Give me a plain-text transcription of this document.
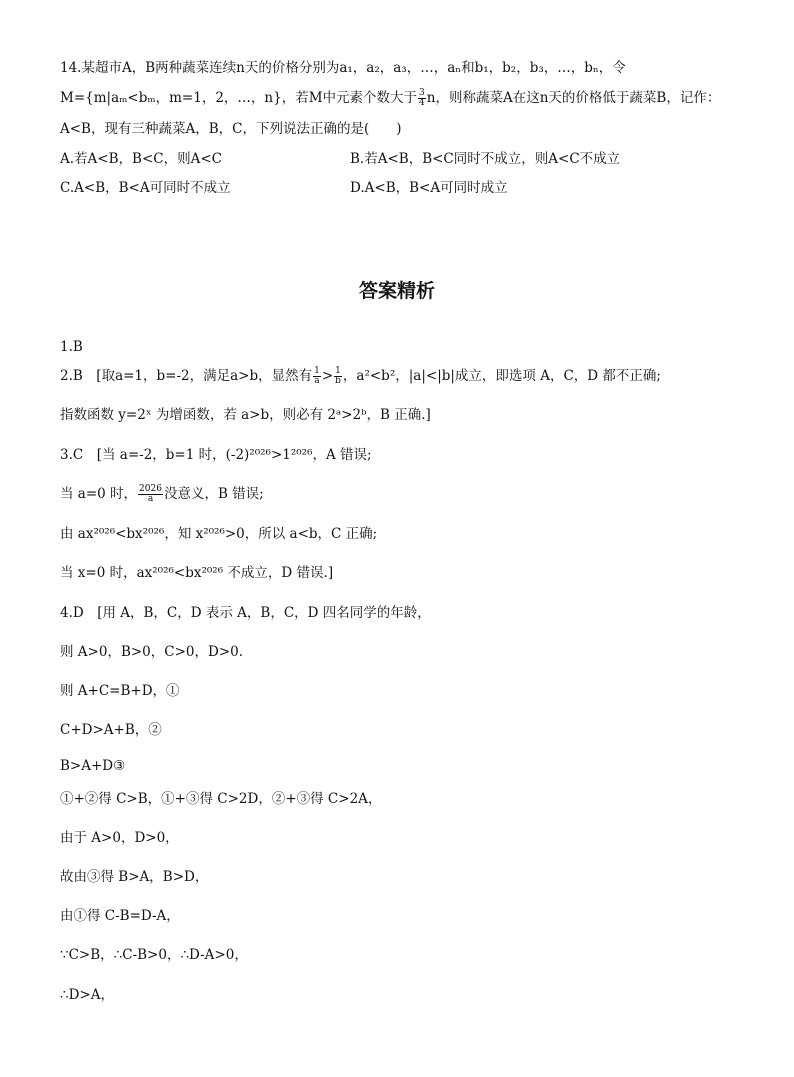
14.某超市A，B两种蔬菜连续n天的价格分别为a₁，a₂，a₃，…，aₙ和b₁，b₂，b₃，…，bₙ，令
M={m|aₘ<bₘ，m=1，2，…，n}，若M中元素个数大于 $\frac{3}{4}$ n，则称蔬菜A在这n天的价格低于蔬菜B，记作：
A<B，现有三种蔬菜A，B，C，下列说法正确的是(　　)
A.若A<B，B<C，则A<C	B.若A<B，B<C同时不成立，则A<C不成立
C.A<B，B<A可同时不成立	D.A<B，B<A可同时成立
答案精析
1.B
2.B　[取a=1，b=-2，满足a>b，显然有 $\frac{1}{a} > \frac{1}{b}$ ，a²<b²，|a|<|b|成立，即选项 A，C，D 都不正确;
指数函数 y=2ˣ 为增函数，若 a>b，则必有 2ᵃ>2ᵇ，B 正确.]
3.C　[当 a=-2，b=1 时，(-2)²⁰²⁶>1²⁰²⁶，A 错误;
当 a=0 时， $\frac{2026}{a}$ 没意义，B 错误;
由 ax²⁰²⁶<bx²⁰²⁶，知 x²⁰²⁶>0，所以 a<b，C 正确;
当 x=0 时，ax²⁰²⁶<bx²⁰²⁶ 不成立，D 错误.]
4.D　[用 A，B，C，D 表示 A，B，C，D 四名同学的年龄，
则 A>0，B>0，C>0，D>0.
则 A+C=B+D，①
C+D>A+B，②
B>A+D③
①+②得 C>B，①+③得 C>2D，②+③得 C>2A，
由于 A>0，D>0，
故由③得 B>A，B>D，
由①得 C-B=D-A，
∵C>B，∴C-B>0，∴D-A>0，
∴D>A，
